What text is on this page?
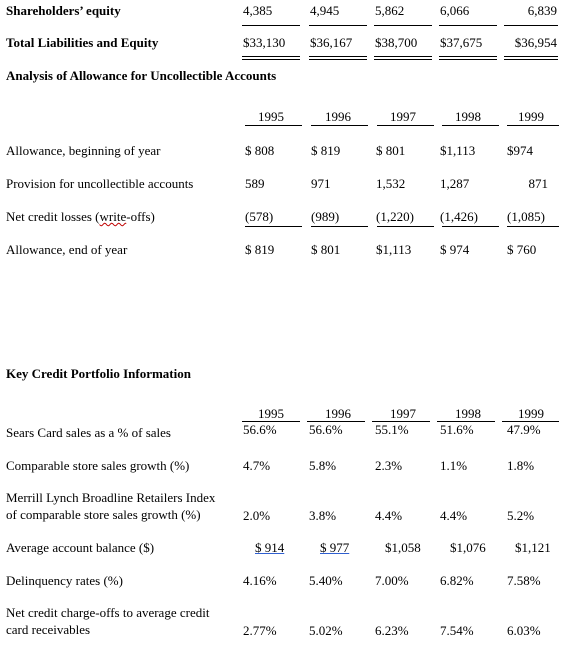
Shareholders’ equity	4,385	4,945	5,862	6,066	6,839
Total Liabilities and Equity	$33,130 $36,167 $38,700 $37,675	$36,954
Analysis of Allowance for Uncollectible Accounts
1995	1996	1997	1998	1999
Allowance, beginning of year	$ 808	$ 819	$ 801	$1,113 $974
Provision for uncollectible accounts	589	971	1,532	1,287	871
Net credit losses (write-offs)	(578)	(989)	(1,220) (1,426) (1,085)
Allowance, end of year	$ 819	$ 801	$1,113 $ 974	$ 760
Key Credit Portfolio Information
1995	1996	1997	1998	1999
Sears Card sales as a % of sales	56.6% 56.6% 55.1% 51.6%	47.9%
Comparable store sales growth (%)	4.7%	5.8%	2.3%	1.1%	1.8%
Merrill Lynch Broadline Retailers Index
of comparable store sales growth (%)	2.0%	3.8%	4.4%	4.4%	5.2%
Average account balance ($)	$ 914	$ 977	$1,058 $1,076 $1,121
Delinquency rates (%)	4.16% 5.40% 7.00% 6.82%	7.58%
Net credit charge-offs to average credit
card receivables	2.77% 5.02% 6.23% 7.54%	6.03%
